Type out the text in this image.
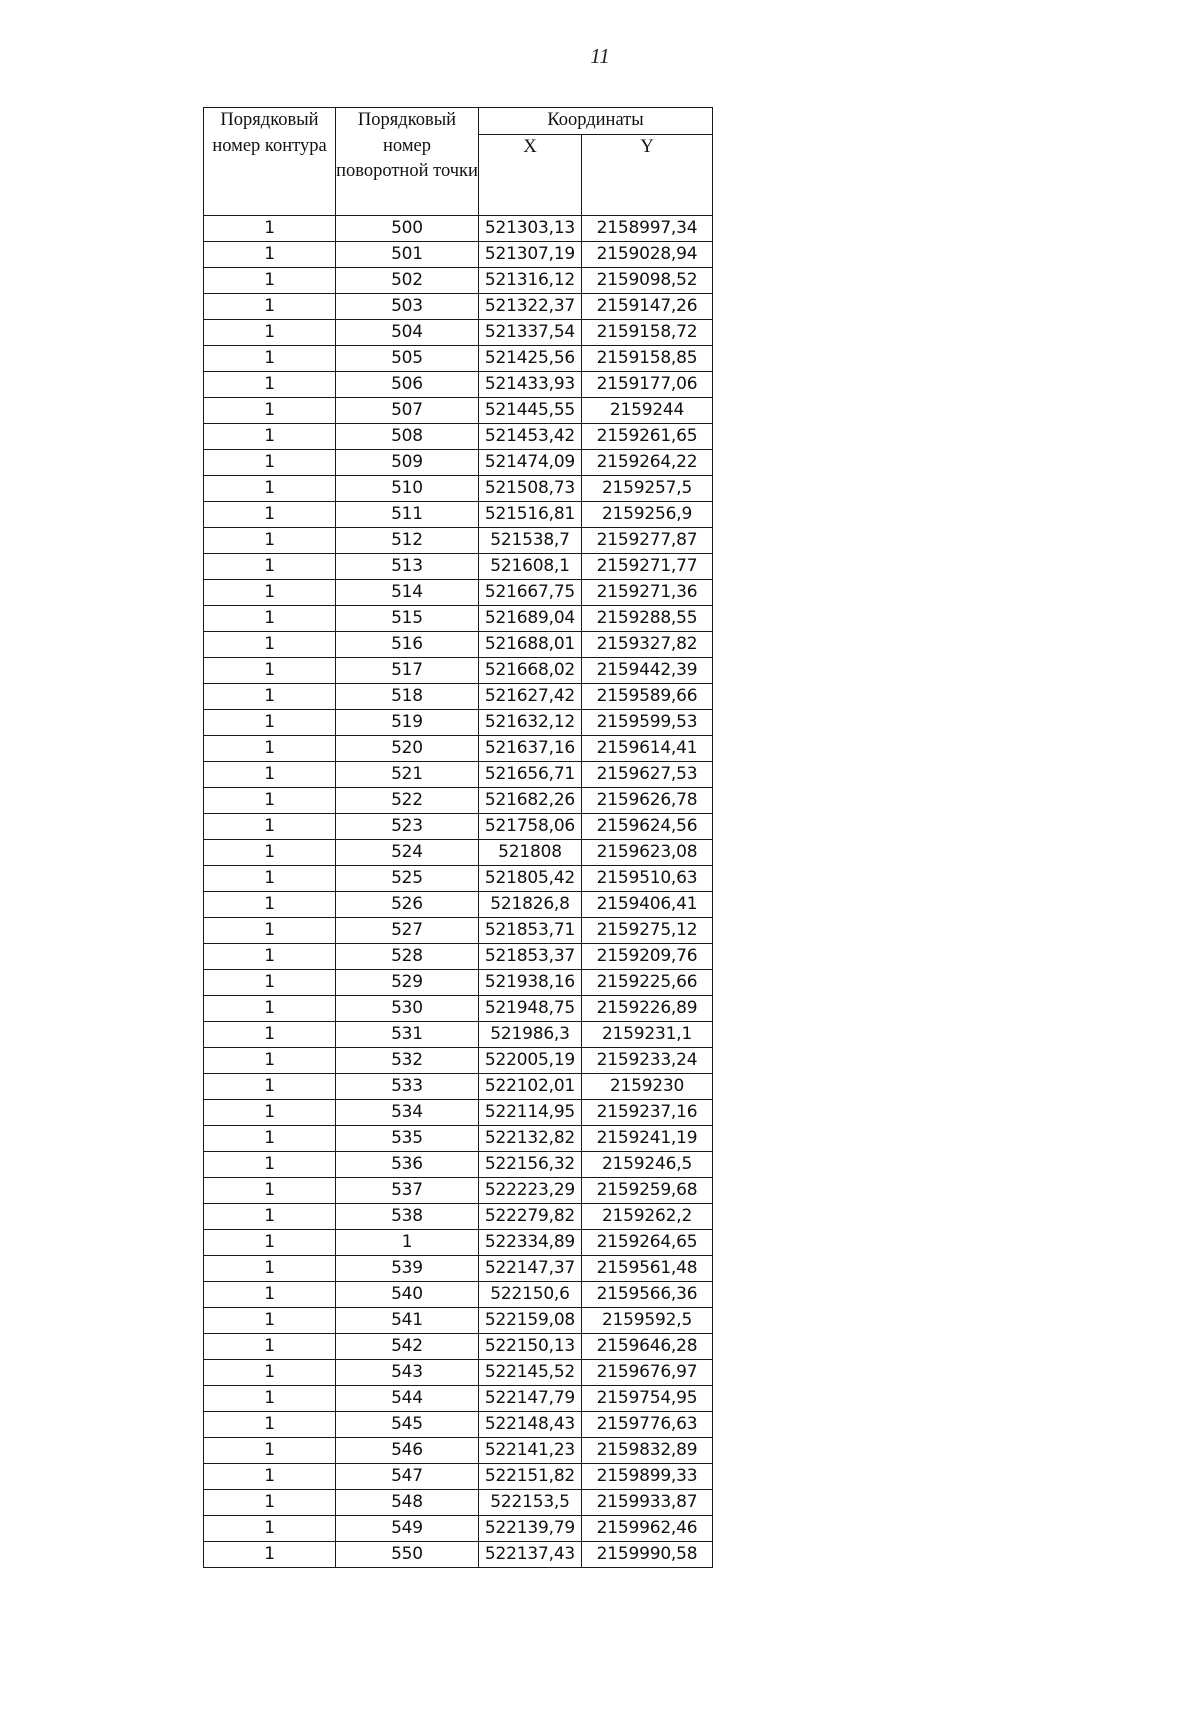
11
Порядковый номер контура	Порядковый номер поворотной точки	Координаты	
		X	Y
1	500	521303,13	2158997,34
1	501	521307,19	2159028,94
1	502	521316,12	2159098,52
1	503	521322,37	2159147,26
1	504	521337,54	2159158,72
1	505	521425,56	2159158,85
1	506	521433,93	2159177,06
1	507	521445,55	2159244
1	508	521453,42	2159261,65
1	509	521474,09	2159264,22
1	510	521508,73	2159257,5
1	511	521516,81	2159256,9
1	512	521538,7	2159277,87
1	513	521608,1	2159271,77
1	514	521667,75	2159271,36
1	515	521689,04	2159288,55
1	516	521688,01	2159327,82
1	517	521668,02	2159442,39
1	518	521627,42	2159589,66
1	519	521632,12	2159599,53
1	520	521637,16	2159614,41
1	521	521656,71	2159627,53
1	522	521682,26	2159626,78
1	523	521758,06	2159624,56
1	524	521808	2159623,08
1	525	521805,42	2159510,63
1	526	521826,8	2159406,41
1	527	521853,71	2159275,12
1	528	521853,37	2159209,76
1	529	521938,16	2159225,66
1	530	521948,75	2159226,89
1	531	521986,3	2159231,1
1	532	522005,19	2159233,24
1	533	522102,01	2159230
1	534	522114,95	2159237,16
1	535	522132,82	2159241,19
1	536	522156,32	2159246,5
1	537	522223,29	2159259,68
1	538	522279,82	2159262,2
1	1	522334,89	2159264,65
1	539	522147,37	2159561,48
1	540	522150,6	2159566,36
1	541	522159,08	2159592,5
1	542	522150,13	2159646,28
1	543	522145,52	2159676,97
1	544	522147,79	2159754,95
1	545	522148,43	2159776,63
1	546	522141,23	2159832,89
1	547	522151,82	2159899,33
1	548	522153,5	2159933,87
1	549	522139,79	2159962,46
1	550	522137,43	2159990,58
